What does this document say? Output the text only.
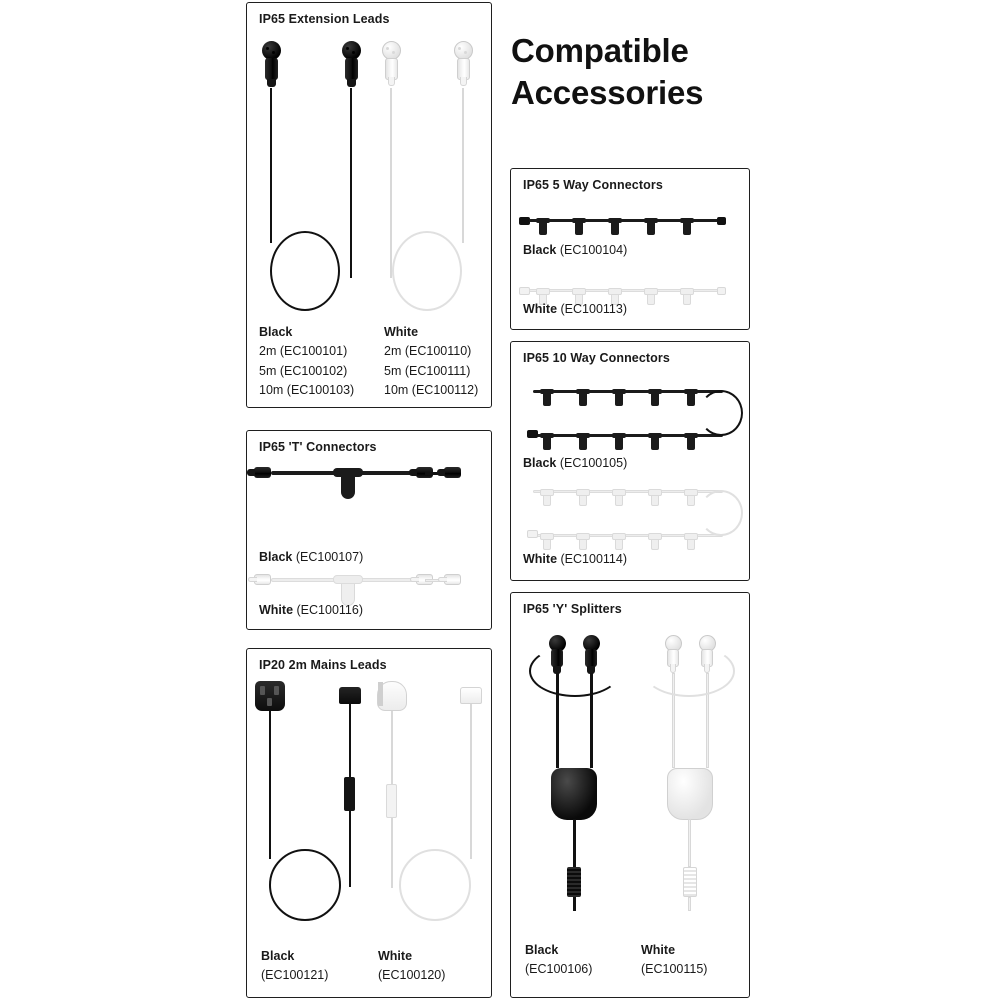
Compatible Accessories
IP65 Extension Leads
Black
2m (EC100101)
5m (EC100102)
10m (EC100103)
White
2m (EC100110)
5m (EC100111)
10m (EC100112)
IP65 'T' Connectors
Black (EC100107)
White (EC100116)
IP20 2m Mains Leads
Black
(EC100121)
White
(EC100120)
IP65 5 Way Connectors
Black (EC100104)
White (EC100113)
IP65 10 Way Connectors
Black (EC100105)
White (EC100114)
IP65 'Y' Splitters
Black
(EC100106)
White
(EC100115)
